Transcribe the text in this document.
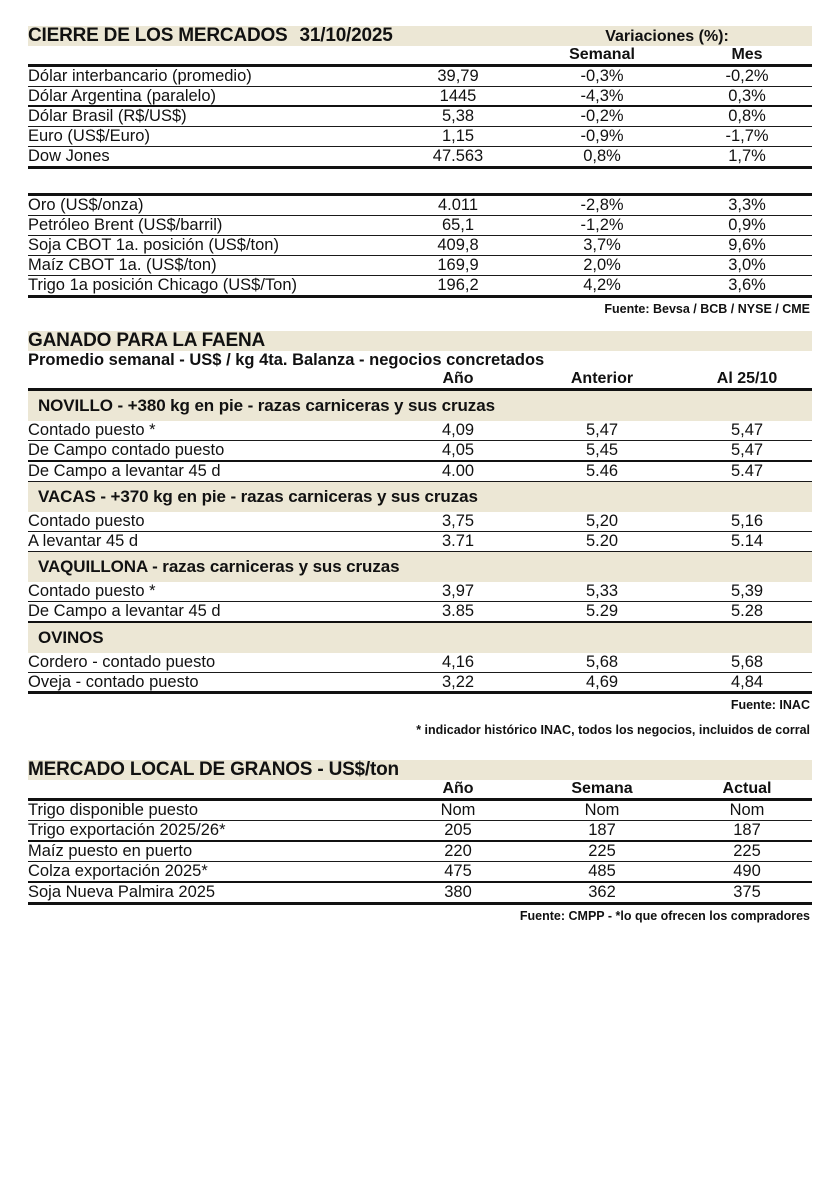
CIERRE DE LOS MERCADOS 31/10/2025		Variaciones (%):	
		Semanal	Mes
Dólar interbancario (promedio)	39,79	-0,3%	-0,2%
Dólar Argentina (paralelo)	1445	-4,3%	0,3%
Dólar Brasil (R$/US$)	5,38	-0,2%	0,8%
Euro (US$/Euro)	1,15	-0,9%	-1,7%
Dow Jones	47.563	0,8%	1,7%

Oro (US$/onza)	4.011	-2,8%	3,3%
Petróleo Brent (US$/barril)	65,1	-1,2%	0,9%
Soja CBOT 1a. posición (US$/ton)	409,8	3,7%	9,6%
Maíz CBOT 1a. (US$/ton)	169,9	2,0%	3,0%
Trigo 1a posición Chicago (US$/Ton)	196,2	4,2%	3,6%
Fuente: Bevsa / BCB / NYSE / CME
GANADO PARA LA FAENA			
Promedio semanal - US$ / kg 4ta. Balanza - negocios concretados			
	Año	Anterior	Al 25/10
NOVILLO - +380 kg en pie - razas carniceras y sus cruzas			
Contado puesto *	4,09	5,47	5,47
De Campo contado puesto	4,05	5,45	5,47
De Campo a levantar 45 d	4.00	5.46	5.47
VACAS - +370 kg en pie - razas carniceras y sus cruzas			
Contado puesto	3,75	5,20	5,16
A levantar 45 d	3.71	5.20	5.14
VAQUILLONA - razas carniceras y sus cruzas			
Contado puesto *	3,97	5,33	5,39
De Campo a levantar 45 d	3.85	5.29	5.28
OVINOS			
Cordero - contado puesto	4,16	5,68	5,68
Oveja - contado puesto	3,22	4,69	4,84
Fuente: INAC
* indicador histórico INAC, todos los negocios, incluidos de corral
MERCADO LOCAL DE GRANOS - US$/ton			
	Año	Semana	Actual
Trigo disponible puesto	Nom	Nom	Nom
Trigo exportación 2025/26*	205	187	187
Maíz puesto en puerto	220	225	225
Colza exportación 2025*	475	485	490
Soja Nueva Palmira 2025	380	362	375
Fuente: CMPP - *lo que ofrecen los compradores
